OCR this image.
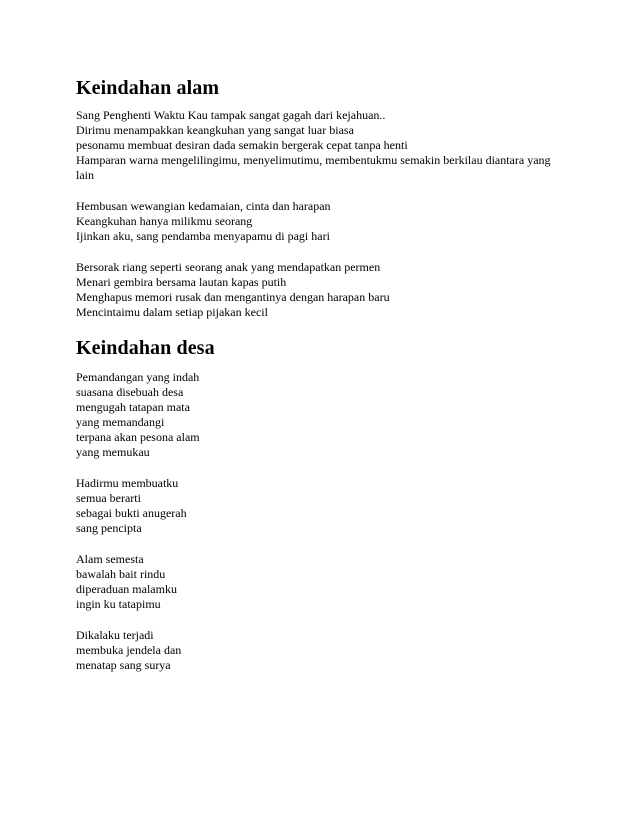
Keindahan alam
Sang Penghenti Waktu Kau tampak sangat gagah dari kejahuan..
Dirimu menampakkan keangkuhan yang sangat luar biasa
pesonamu membuat desiran dada semakin bergerak cepat tanpa henti
Hamparan warna mengelilingimu, menyelimutimu, membentukmu semakin berkilau diantara yang lain
Hembusan wewangian kedamaian, cinta dan harapan
Keangkuhan hanya milikmu seorang
Ijinkan aku, sang pendamba menyapamu di pagi hari
Bersorak riang seperti seorang anak yang mendapatkan permen
Menari gembira bersama lautan kapas putih
Menghapus memori rusak dan mengantinya dengan harapan baru
Mencintaimu dalam setiap pijakan kecil
Keindahan desa
Pemandangan yang indah
suasana disebuah desa
mengugah tatapan mata
yang memandangi
terpana akan pesona alam
yang memukau
Hadirmu membuatku
semua berarti
sebagai bukti anugerah
sang pencipta
Alam semesta
bawalah bait rindu
diperaduan malamku
ingin ku tatapimu
Dikalaku terjadi
membuka jendela dan
menatap sang surya
